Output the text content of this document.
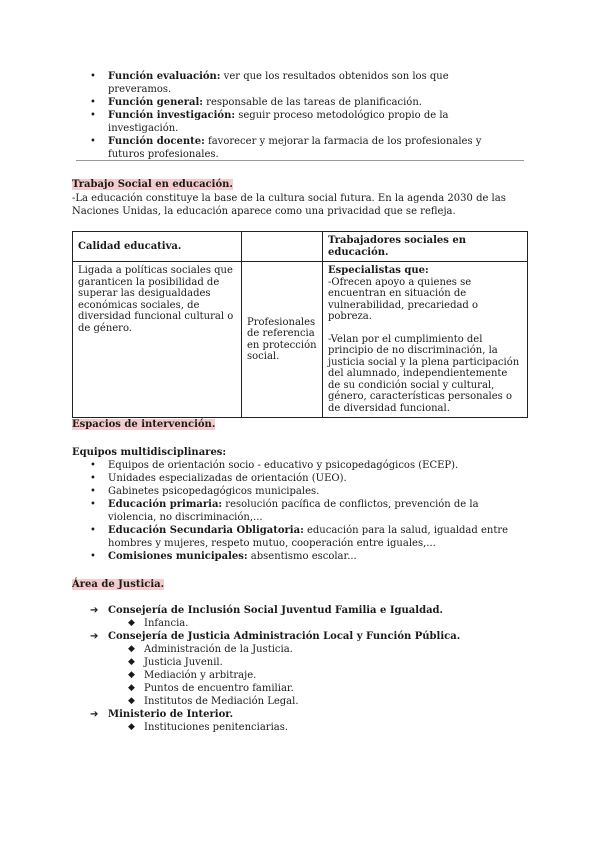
• Función evaluación: ver que los resultados obtenidos son los que preveramos.
• Función general: responsable de las tareas de planificación.
• Función investigación: seguir proceso metodológico propio de la investigación.
• Función docente: favorecer y mejorar la farmacia de los profesionales y futuros profesionales.
Trabajo Social en educación.
-La educación constituye la base de la cultura social futura. En la agenda 2030 de las Naciones Unidas, la educación aparece como una privacidad que se refleja.
Calidad educativa.		Trabajadores sociales en educación.
Ligada a políticas sociales que garanticen la posibilidad de superar las desigualdades económicas sociales, de diversidad funcional cultural o de género.	Profesionales de referencia en protección social.	Especialistas que:
-Ofrecen apoyo a quienes se encuentran en situación de vulnerabilidad, precariedad o pobreza.
-Velan por el cumplimiento del principio de no discriminación, la justicia social y la plena participación del alumnado, independientemente de su condición social y cultural, género, características personales o de diversidad funcional.
Espacios de intervención.
Equipos multidisciplinares:
• Equipos de orientación socio - educativo y psicopedagógicos (ECEP).
• Unidades especializadas de orientación (UEO).
• Gabinetes psicopedagógicos municipales.
• Educación primaria: resolución pacífica de conflictos, prevención de la violencia, no discriminación,...
• Educación Secundaria Obligatoria: educación para la salud, igualdad entre hombres y mujeres, respeto mutuo, cooperación entre iguales,...
• Comisiones municipales: absentismo escolar...
Área de Justicia.
➔ Consejería de Inclusión Social Juventud Familia e Igualdad.
◆ Infancia.
➔ Consejería de Justicia Administración Local y Función Pública.
◆ Administración de la Justicia.
◆ Justicia Juvenil.
◆ Mediación y arbitraje.
◆ Puntos de encuentro familiar.
◆ Institutos de Mediación Legal.
➔ Ministerio de Interior.
◆ Instituciones penitenciarias.
